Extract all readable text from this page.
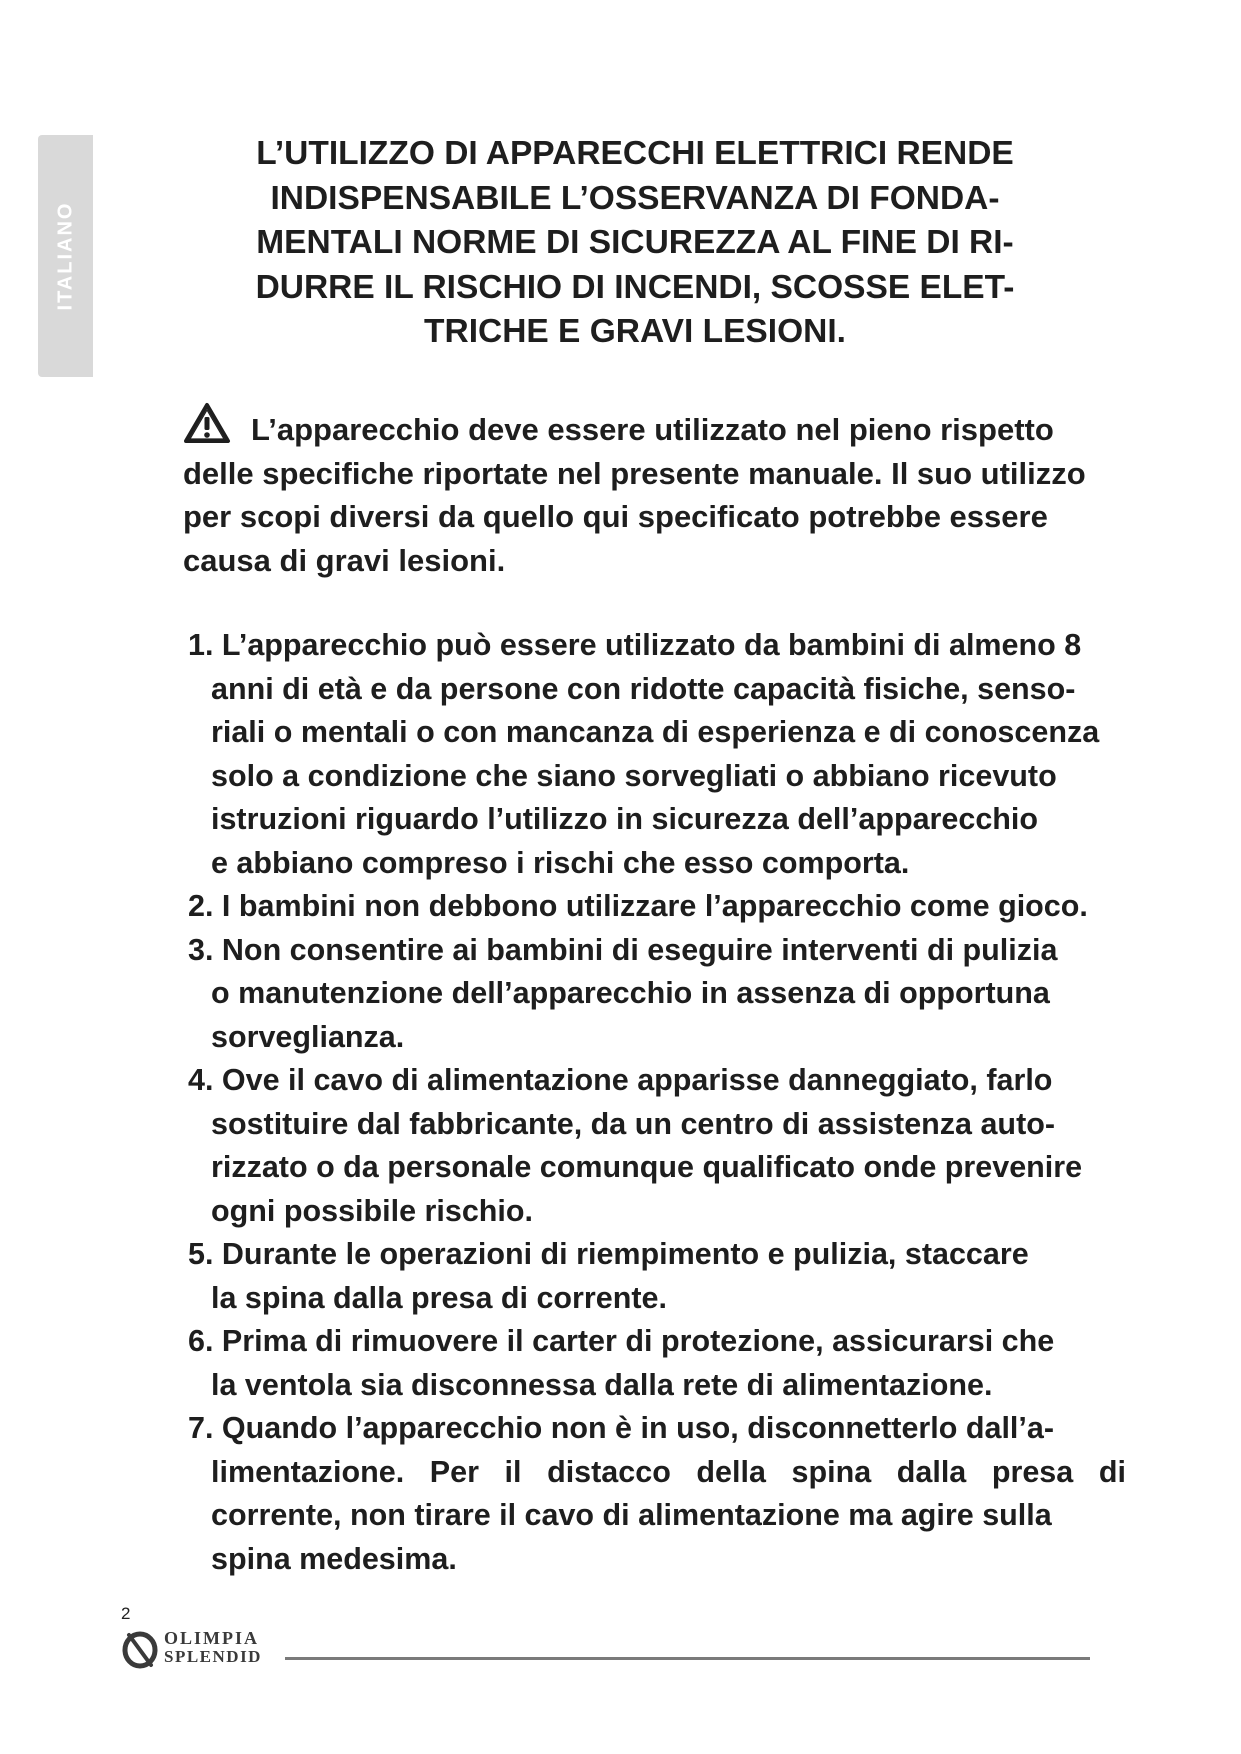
ITALIANO
L’UTILIZZO DI APPARECCHI ELETTRICI RENDE
INDISPENSABILE L’OSSERVANZA DI FONDA-
MENTALI NORME DI SICUREZZA AL FINE DI RI-
DURRE IL RISCHIO DI INCENDI, SCOSSE ELET-
TRICHE E GRAVI LESIONI.
L’apparecchio deve essere utilizzato nel pieno rispetto
delle specifiche riportate nel presente manuale. Il suo utilizzo
per scopi diversi da quello qui specificato potrebbe essere
causa di gravi lesioni.
1. L’apparecchio può essere utilizzato da bambini di almeno 8
anni di età e da persone con ridotte capacità fisiche, senso-
riali o mentali o con mancanza di esperienza e di conoscenza
solo a condizione che siano sorvegliati o abbiano ricevuto
istruzioni riguardo l’utilizzo in sicurezza dell’apparecchio
e abbiano compreso i rischi che esso comporta.
2. I bambini non debbono utilizzare l’apparecchio come gioco.
3. Non consentire ai bambini di eseguire interventi di pulizia
o manutenzione dell’apparecchio in assenza di opportuna
sorveglianza.
4. Ove il cavo di alimentazione apparisse danneggiato, farlo
sostituire dal fabbricante, da un centro di assistenza auto-
rizzato o da personale comunque qualificato onde prevenire
ogni possibile rischio.
5. Durante le operazioni di riempimento e pulizia, staccare
la spina dalla presa di corrente.
6. Prima di rimuovere il carter di protezione, assicurarsi che
la ventola sia disconnessa dalla rete di alimentazione.
7. Quando l’apparecchio non è in uso, disconnetterlo dall’a-
limentazione. Per il distacco della spina dalla presa di
corrente, non tirare il cavo di alimentazione ma agire sulla
spina medesima.
2
OLIMPIA
SPLENDID
